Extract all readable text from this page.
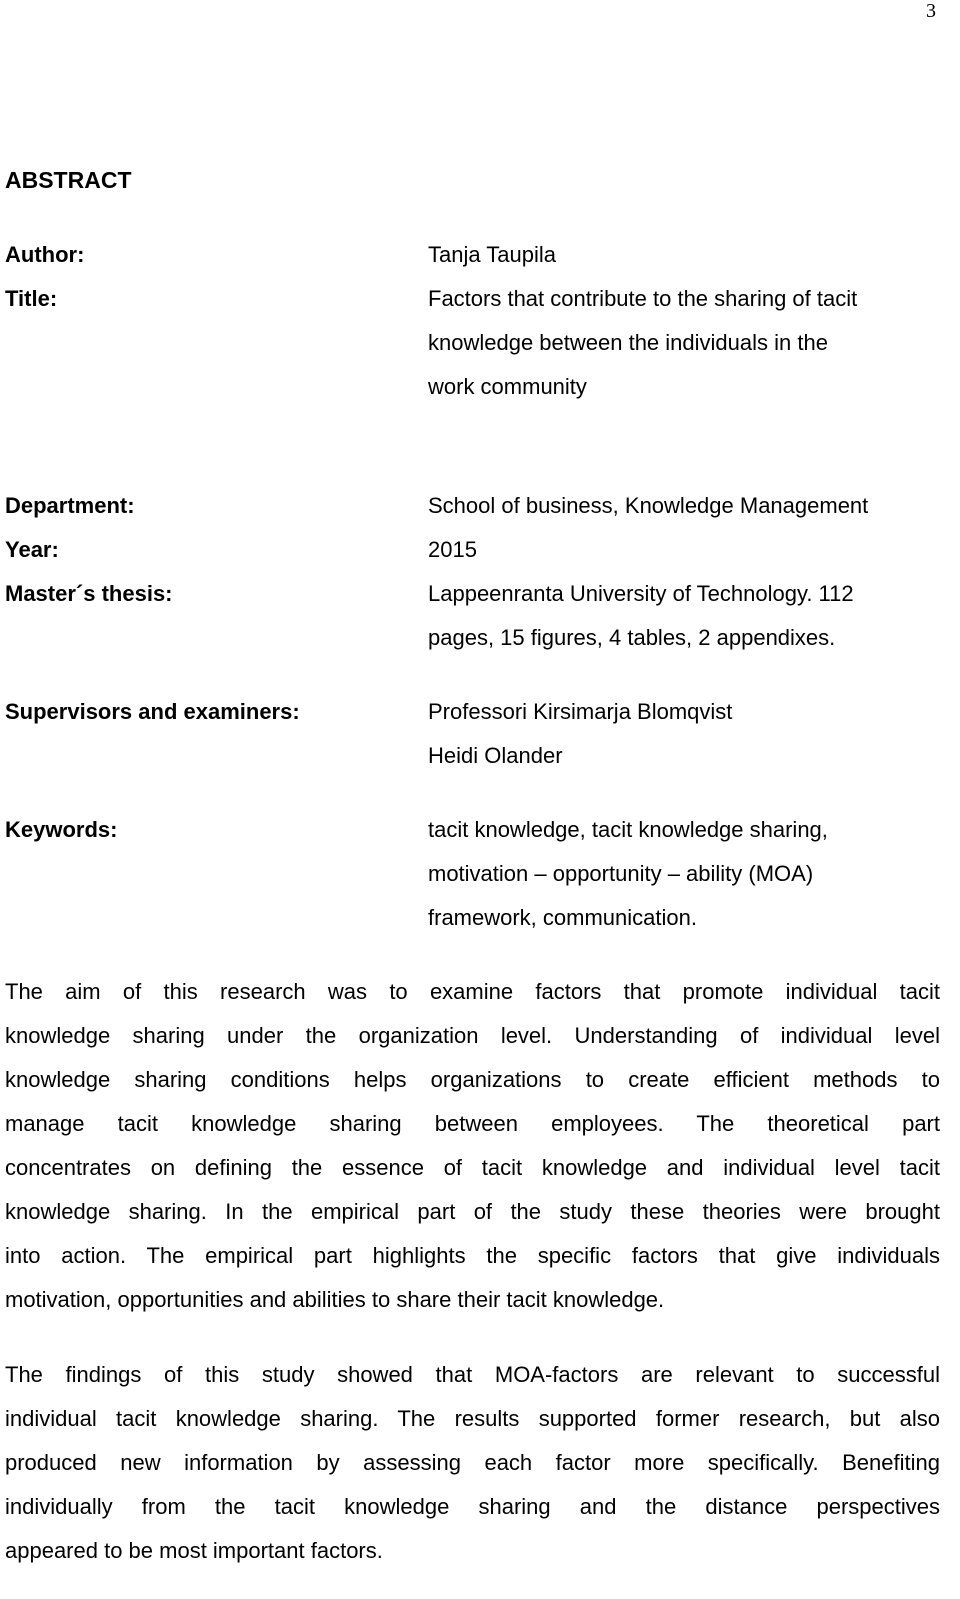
3
ABSTRACT
Author:	Tanja Taupila
Title:	Factors that contribute to the sharing of tacit
knowledge between the individuals in the
work community
Department:	School of business, Knowledge Management
Year:	2015
Master´s thesis:	Lappeenranta University of Technology. 112
pages, 15 figures, 4 tables, 2 appendixes.
Supervisors and examiners:	Professori Kirsimarja Blomqvist
Heidi Olander
Keywords:	tacit knowledge, tacit knowledge sharing,
motivation – opportunity – ability (MOA)
framework, communication.
The aim of this research was to examine factors that promote individual tacit
knowledge sharing under the organization level. Understanding of individual level
knowledge sharing conditions helps organizations to create efficient methods to
manage tacit knowledge sharing between employees. The theoretical part
concentrates on defining the essence of tacit knowledge and individual level tacit
knowledge sharing. In the empirical part of the study these theories were brought
into action. The empirical part highlights the specific factors that give individuals
motivation, opportunities and abilities to share their tacit knowledge.
The findings of this study showed that MOA-factors are relevant to successful
individual tacit knowledge sharing. The results supported former research, but also
produced new information by assessing each factor more specifically. Benefiting
individually from the tacit knowledge sharing and the distance perspectives
appeared to be most important factors.
